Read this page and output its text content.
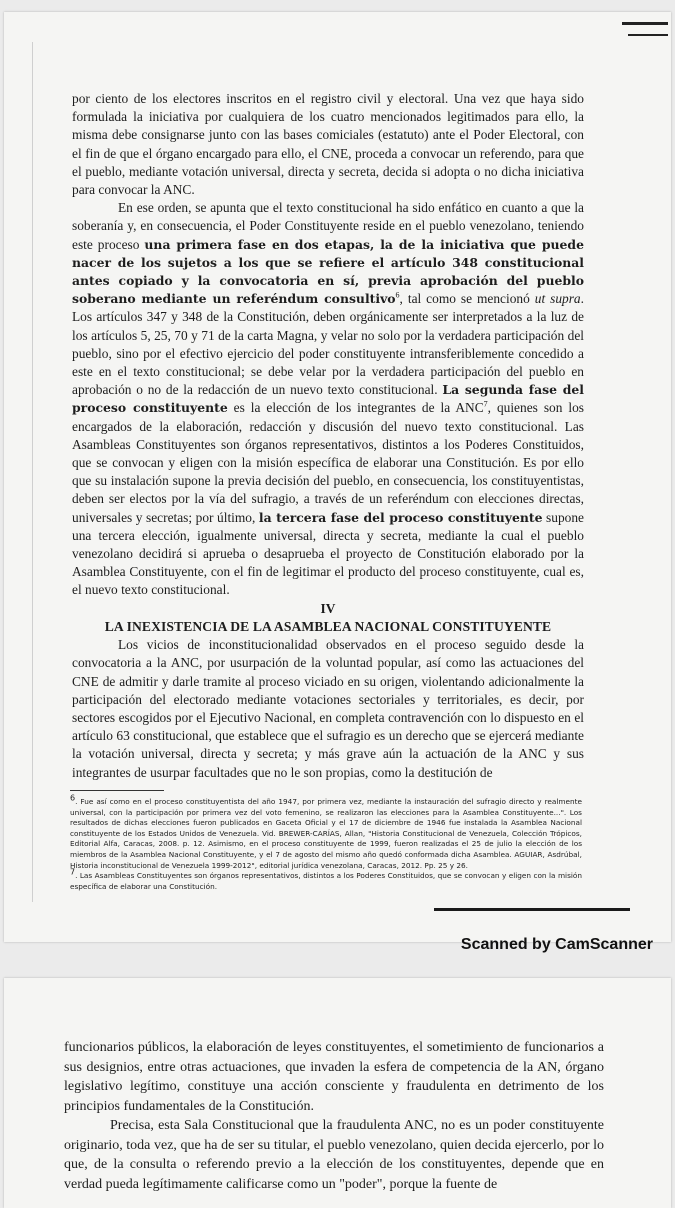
por ciento de los electores inscritos en el registro civil y electoral. Una vez que haya sido formulada la iniciativa por cualquiera de los cuatro mencionados legitimados para ello, la misma debe consignarse junto con las bases comiciales (estatuto) ante el Poder Electoral, con el fin de que el órgano encargado para ello, el CNE, proceda a convocar un referendo, para que el pueblo, mediante votación universal, directa y secreta, decida si adopta o no dicha iniciativa para convocar la ANC.

En ese orden, se apunta que el texto constitucional ha sido enfático en cuanto a que la soberanía y, en consecuencia, el Poder Constituyente reside en el pueblo venezolano, teniendo este proceso una primera fase en dos etapas, la de la iniciativa que puede nacer de los sujetos a los que se refiere el artículo 348 constitucional antes copiado y la convocatoria en sí, previa aprobación del pueblo soberano mediante un referéndum consultivo$^6$, tal como se mencionó ut supra. Los artículos 347 y 348 de la Constitución, deben orgánicamente ser interpretados a la luz de los artículos 5, 25, 70 y 71 de la carta Magna, y velar no solo por la verdadera participación del pueblo, sino por el efectivo ejercicio del poder constituyente intransferiblemente concedido a este en el texto constitucional; se debe velar por la verdadera participación del pueblo en aprobación o no de la redacción de un nuevo texto constitucional. La segunda fase del proceso constituyente es la elección de los integrantes de la ANC$^7$, quienes son los encargados de la elaboración, redacción y discusión del nuevo texto constitucional. Las Asambleas Constituyentes son órganos representativos, distintos a los Poderes Constituidos, que se convocan y eligen con la misión específica de elaborar una Constitución. Es por ello que su instalación supone la previa decisión del pueblo, en consecuencia, los constituyentistas, deben ser electos por la vía del sufragio, a través de un referéndum con elecciones directas, universales y secretas; por último, la tercera fase del proceso constituyente supone una tercera elección, igualmente universal, directa y secreta, mediante la cual el pueblo venezolano decidirá si aprueba o desaprueba el proyecto de Constitución elaborado por la Asamblea Constituyente, con el fin de legitimar el producto del proceso constituyente, cual es, el nuevo texto constitucional.

IV

LA INEXISTENCIA DE LA ASAMBLEA NACIONAL CONSTITUYENTE

Los vicios de inconstitucionalidad observados en el proceso seguido desde la convocatoria a la ANC, por usurpación de la voluntad popular, así como las actuaciones del CNE de admitir y darle tramite al proceso viciado en su origen, violentando adicionalmente la participación del electorado mediante votaciones sectoriales y territoriales, es decir, por sectores escogidos por el Ejecutivo Nacional, en completa contravención con lo dispuesto en el artículo 63 constitucional, que establece que el sufragio es un derecho que se ejercerá mediante la votación universal, directa y secreta; y más grave aún la actuación de la ANC y sus integrantes de usurpar facultades que no le son propias, como la destitución de

$^6$. Fue así como en el proceso constituyentista del año 1947, por primera vez, mediante la instauración del sufragio directo y realmente universal, con la participación por primera vez del voto femenino, se realizaron las elecciones para la Asamblea Constituyente...". Los resultados de dichas elecciones fueron publicados en Gaceta Oficial y el 17 de diciembre de 1946 fue instalada la Asamblea Nacional constituyente de los Estados Unidos de Venezuela. Vid. BREWER-CARÍAS, Allan, "Historia Constitucional de Venezuela, Colección Trópicos, Editorial Alfa, Caracas, 2008. p. 12. Asimismo, en el proceso constituyente de 1999, fueron realizadas el 25 de julio la elección de los miembros de la Asamblea Nacional Constituyente, y el 7 de agosto del mismo año quedó conformada dicha Asamblea. AGUIAR, Asdrúbal, Historia inconstitucional de Venezuela 1999-2012", editorial jurídica venezolana, Caracas, 2012. Pp. 25 y 26.

$^7$. Las Asambleas Constituyentes son órganos representativos, distintos a los Poderes Constituidos, que se convocan y eligen con la misión específica de elaborar una Constitución.

Scanned by CamScanner

funcionarios públicos, la elaboración de leyes constituyentes, el sometimiento de funcionarios a sus designios, entre otras actuaciones, que invaden la esfera de competencia de la AN, órgano legislativo legítimo, constituye una acción consciente y fraudulenta en detrimento de los principios fundamentales de la Constitución.

Precisa, esta Sala Constitucional que la fraudulenta ANC, no es un poder constituyente originario, toda vez, que ha de ser su titular, el pueblo venezolano, quien decida ejercerlo, por lo que, de la consulta o referendo previo a la elección de los constituyentes, depende que en verdad pueda legítimamente calificarse como un "poder", porque la fuente de
